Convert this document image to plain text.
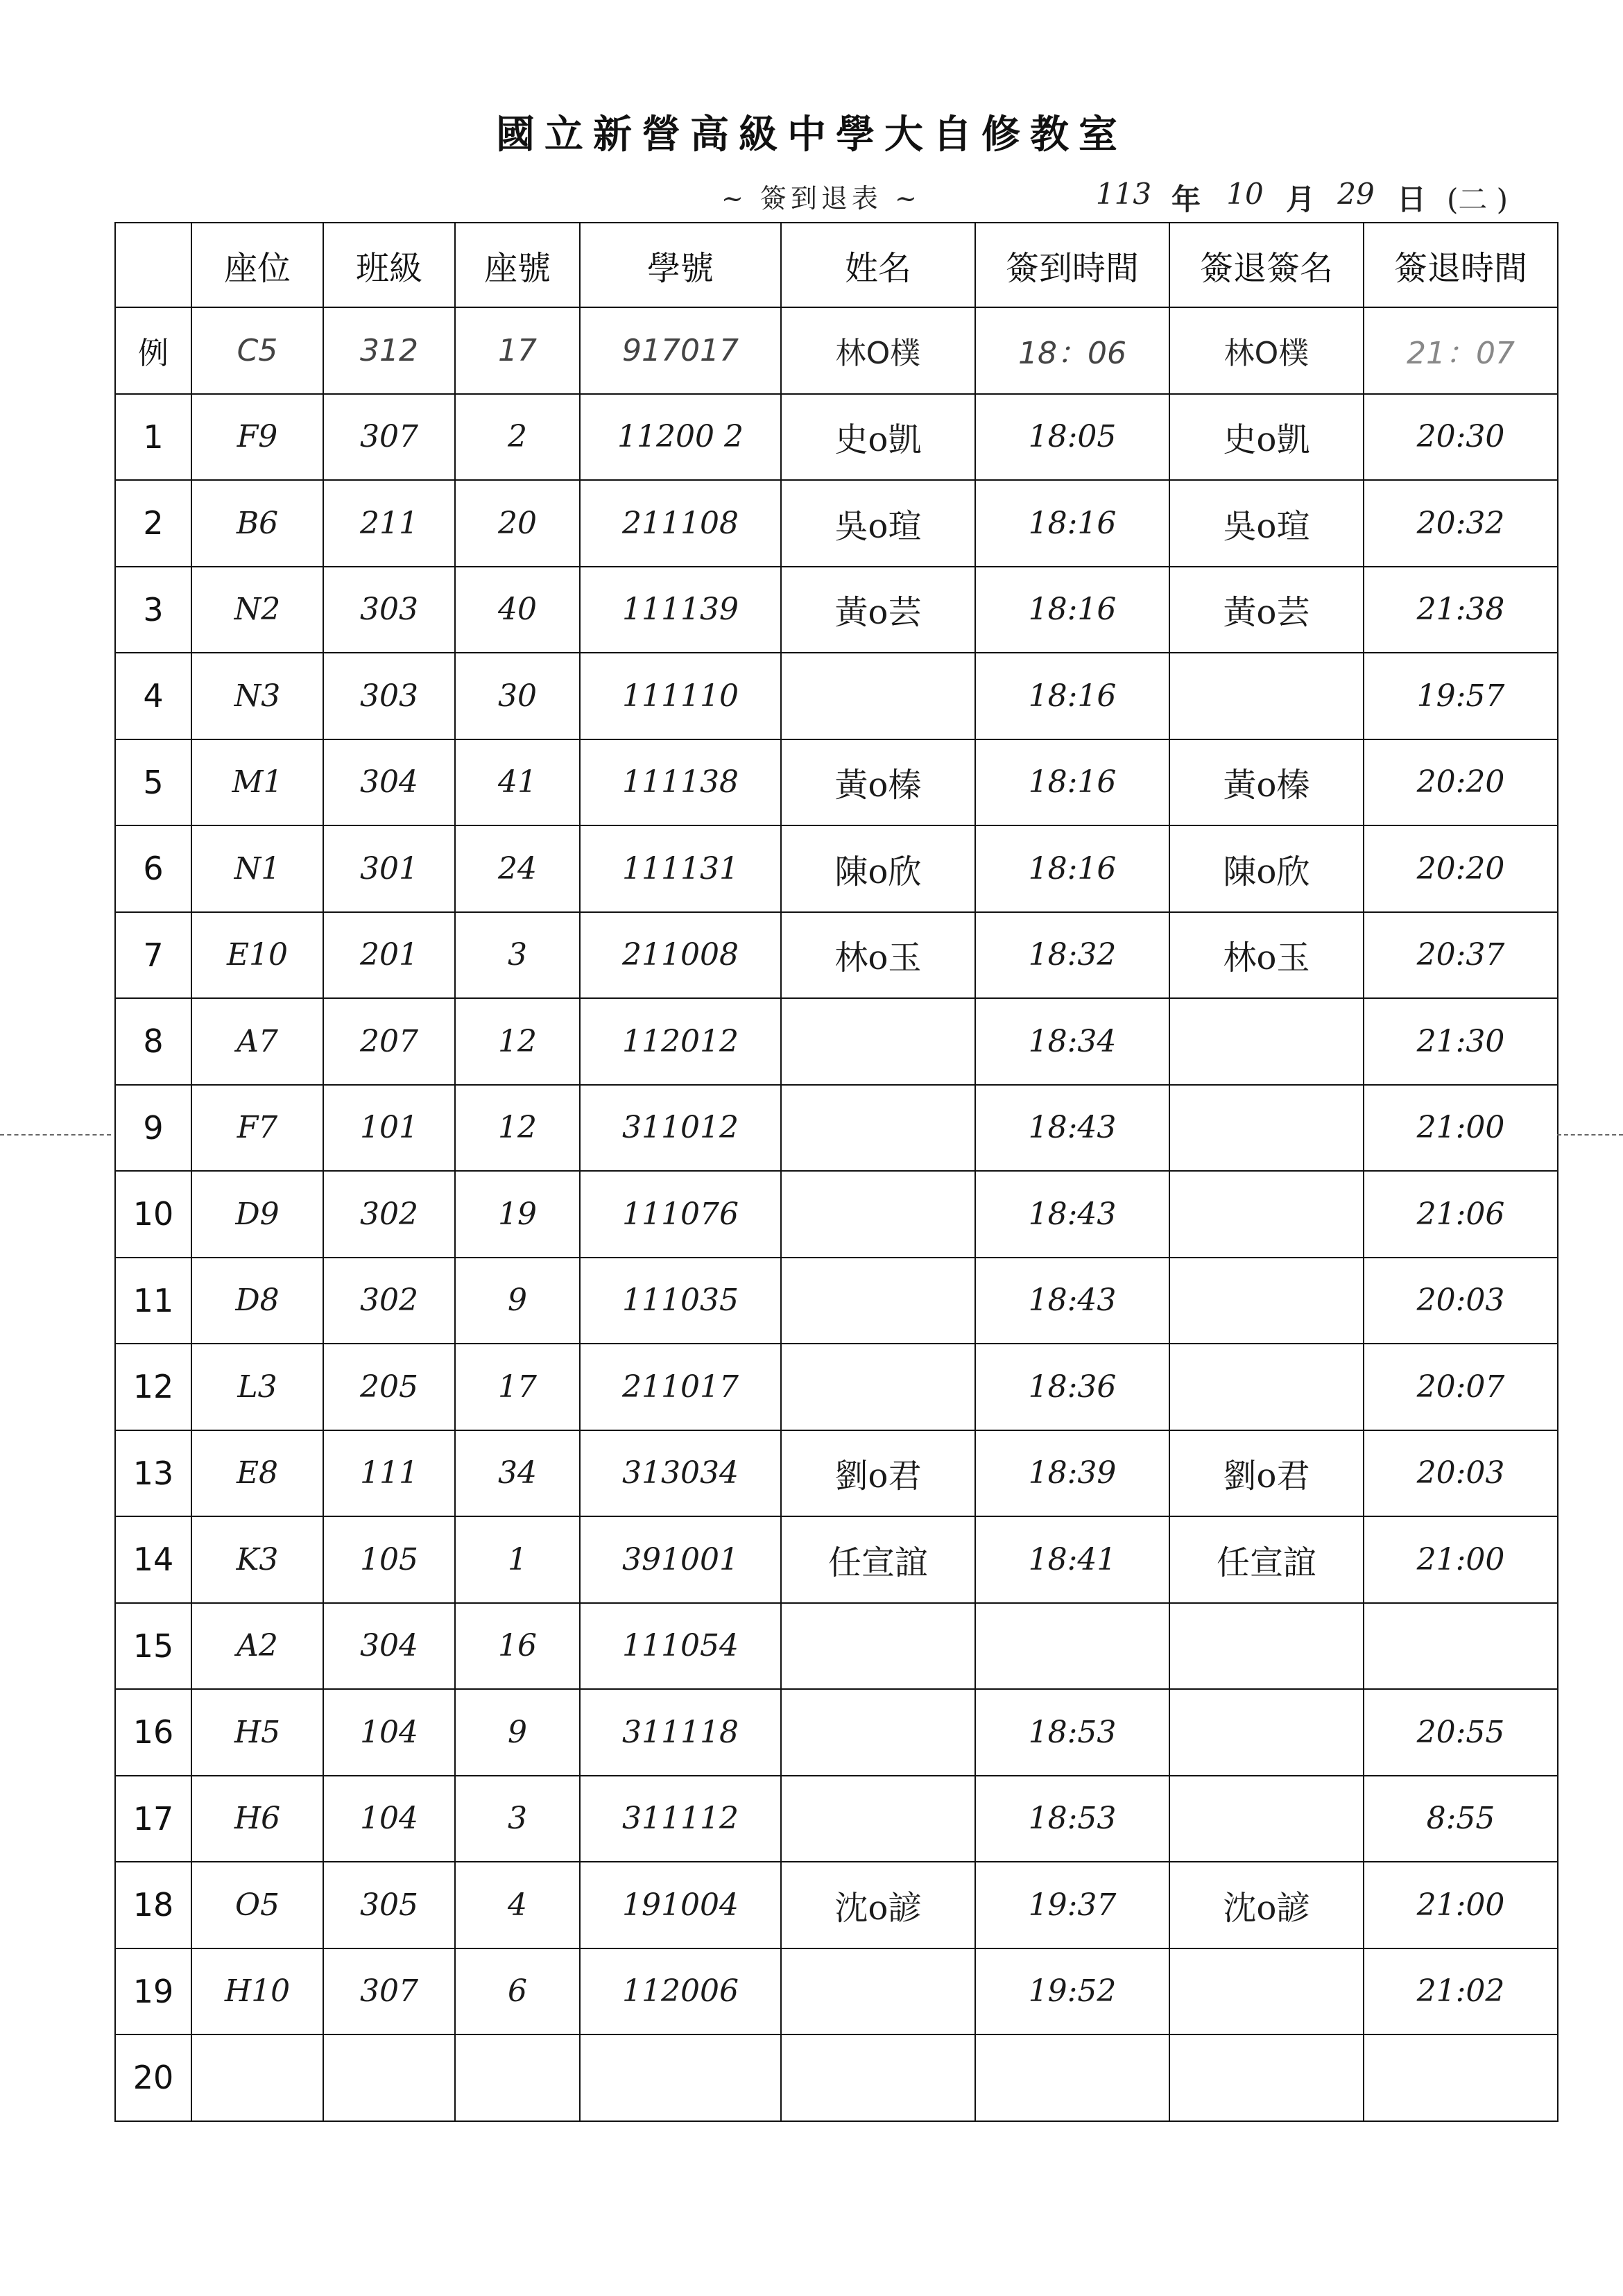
國立新營高級中學大自修教室
~ 簽到退表 ~	113 年 10 月 29 日 (二 )
	座位	班級	座號	學號	姓名	簽到時間	簽退簽名	簽退時間
例	C5	312	17	917017	林O樸	18：06	林O樸	21：07
1	F9	307	2	11200 2	史o凱	18:05	史o凱	20:30
2	B6	211	20	211108	吳o瑄	18:16	吳o瑄	20:32
3	N2	303	40	111139	黃o芸	18:16	黃o芸	21:38
4	N3	303	30	111110		18:16		19:57
5	M1	304	41	111138	黃o榛	18:16	黃o榛	20:20
6	N1	301	24	111131	陳o欣	18:16	陳o欣	20:20
7	E10	201	3	211008	林o玉	18:32	林o玉	20:37
8	A7	207	12	112012		18:34		21:30
9	F7	101	12	311012		18:43		21:00
10	D9	302	19	111076		18:43		21:06
11	D8	302	9	111035		18:43		20:03
12	L3	205	17	211017		18:36		20:07
13	E8	111	34	313034	劉o君	18:39	劉o君	20:03
14	K3	105	1	391001	任宣誼	18:41	任宣誼	21:00
15	A2	304	16	111054				
16	H5	104	9	311118		18:53		20:55
17	H6	104	3	311112		18:53		8:55
18	O5	305	4	191004	沈o諺	19:37	沈o諺	21:00
19	H10	307	6	112006		19:52		21:02
20								
